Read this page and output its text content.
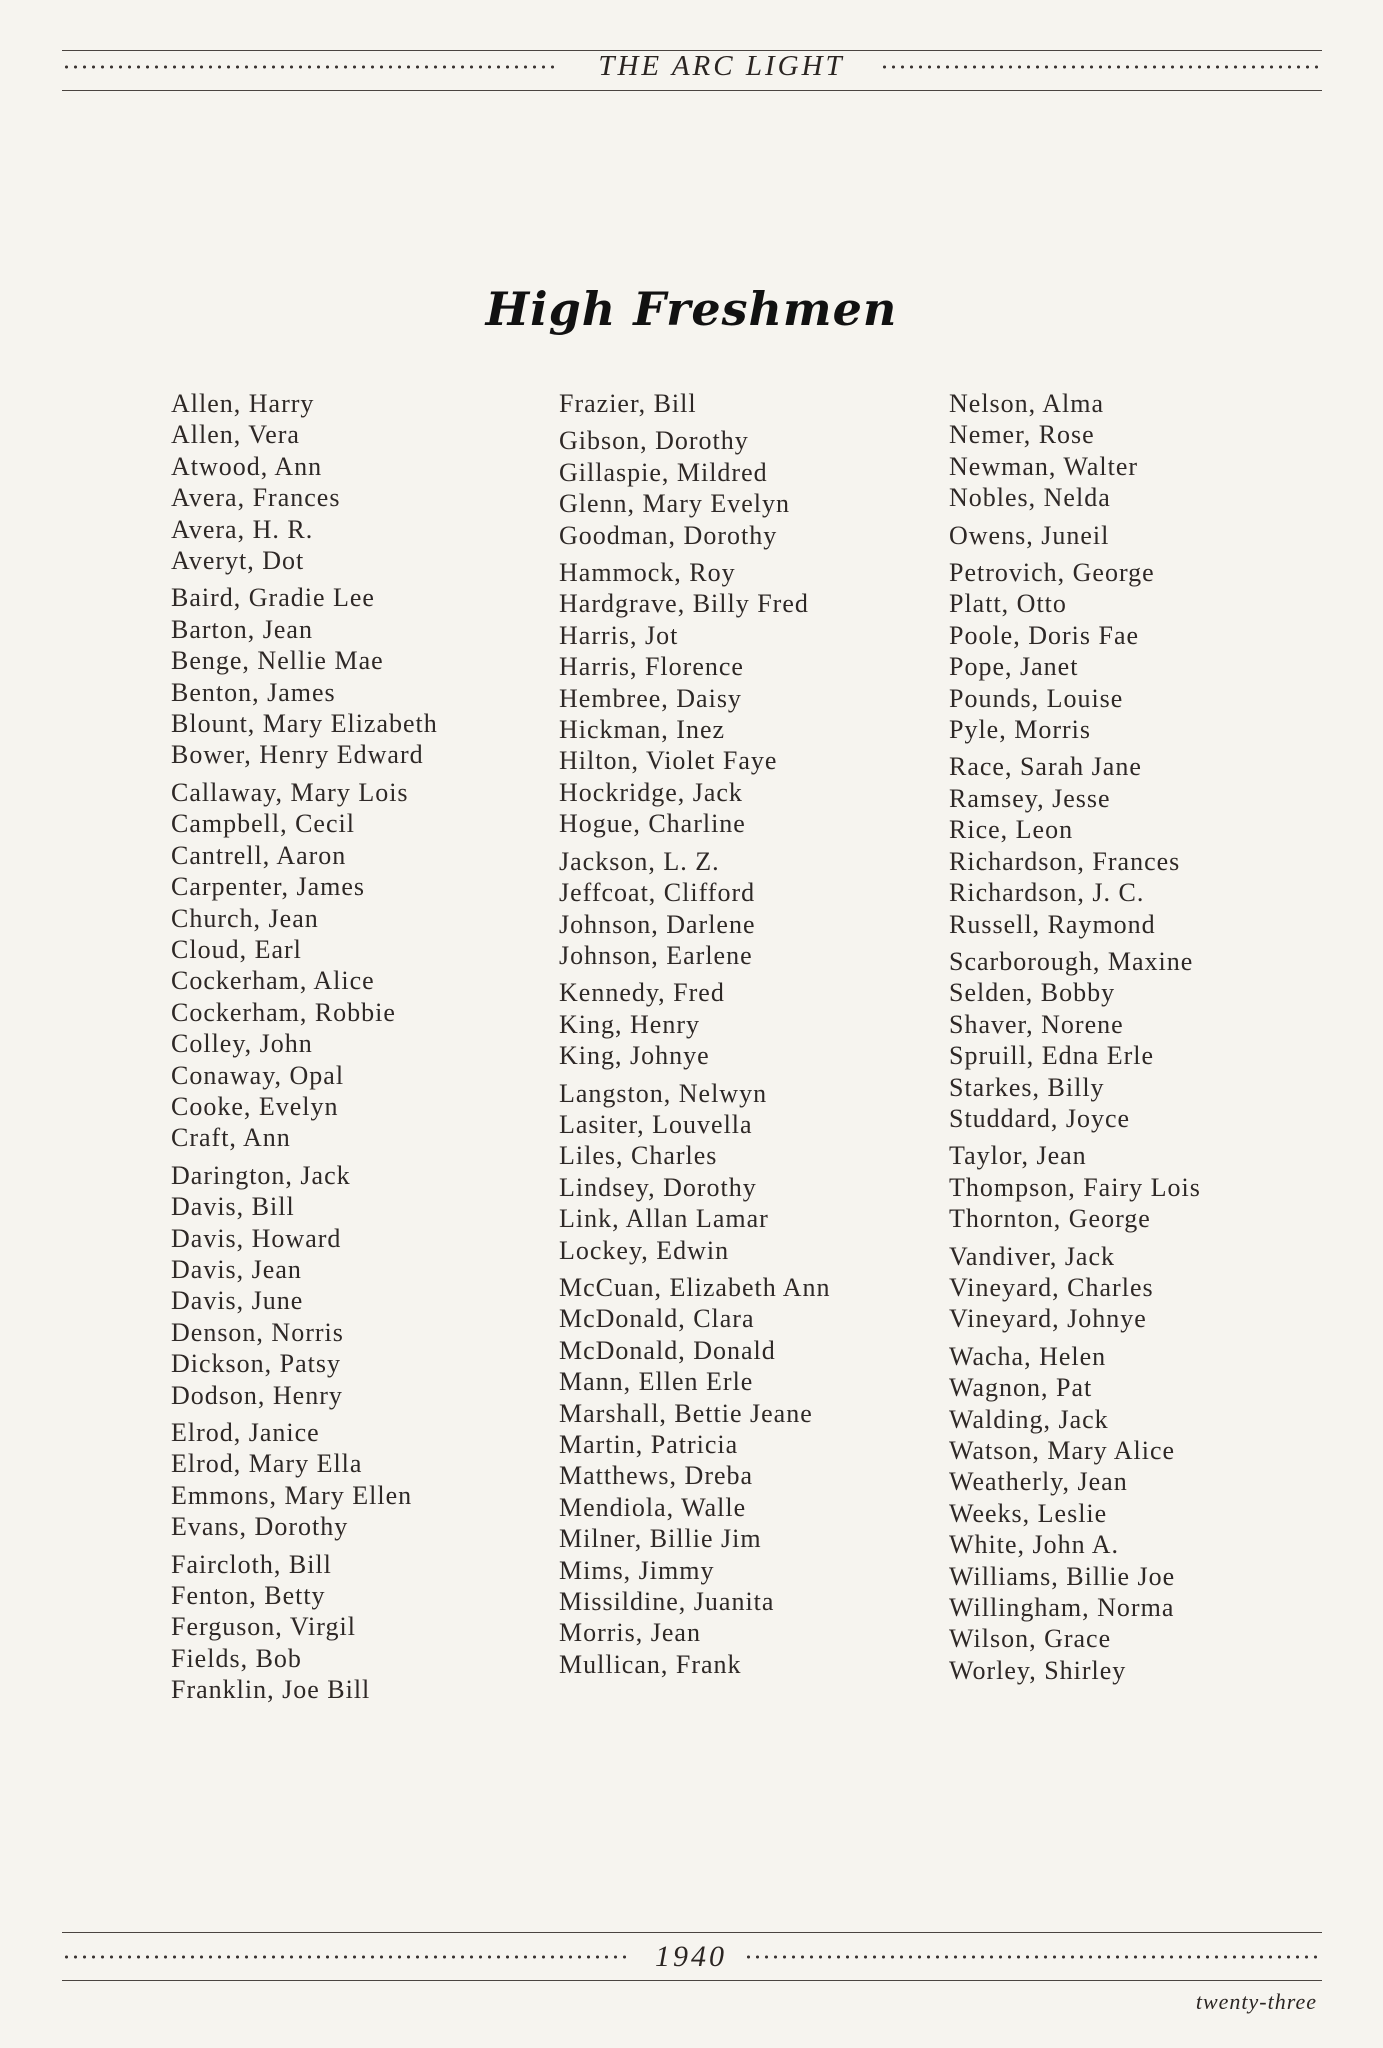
THE ARC LIGHT
High Freshmen
Allen, Harry
Allen, Vera
Atwood, Ann
Avera, Frances
Avera, H. R.
Averyt, Dot
Baird, Gradie Lee
Barton, Jean
Benge, Nellie Mae
Benton, James
Blount, Mary Elizabeth
Bower, Henry Edward
Callaway, Mary Lois
Campbell, Cecil
Cantrell, Aaron
Carpenter, James
Church, Jean
Cloud, Earl
Cockerham, Alice
Cockerham, Robbie
Colley, John
Conaway, Opal
Cooke, Evelyn
Craft, Ann
Darington, Jack
Davis, Bill
Davis, Howard
Davis, Jean
Davis, June
Denson, Norris
Dickson, Patsy
Dodson, Henry
Elrod, Janice
Elrod, Mary Ella
Emmons, Mary Ellen
Evans, Dorothy
Faircloth, Bill
Fenton, Betty
Ferguson, Virgil
Fields, Bob
Franklin, Joe Bill
Frazier, Bill
Gibson, Dorothy
Gillaspie, Mildred
Glenn, Mary Evelyn
Goodman, Dorothy
Hammock, Roy
Hardgrave, Billy Fred
Harris, Jot
Harris, Florence
Hembree, Daisy
Hickman, Inez
Hilton, Violet Faye
Hockridge, Jack
Hogue, Charline
Jackson, L. Z.
Jeffcoat, Clifford
Johnson, Darlene
Johnson, Earlene
Kennedy, Fred
King, Henry
King, Johnye
Langston, Nelwyn
Lasiter, Louvella
Liles, Charles
Lindsey, Dorothy
Link, Allan Lamar
Lockey, Edwin
McCuan, Elizabeth Ann
McDonald, Clara
McDonald, Donald
Mann, Ellen Erle
Marshall, Bettie Jeane
Martin, Patricia
Matthews, Dreba
Mendiola, Walle
Milner, Billie Jim
Mims, Jimmy
Missildine, Juanita
Morris, Jean
Mullican, Frank
Nelson, Alma
Nemer, Rose
Newman, Walter
Nobles, Nelda
Owens, Juneil
Petrovich, George
Platt, Otto
Poole, Doris Fae
Pope, Janet
Pounds, Louise
Pyle, Morris
Race, Sarah Jane
Ramsey, Jesse
Rice, Leon
Richardson, Frances
Richardson, J. C.
Russell, Raymond
Scarborough, Maxine
Selden, Bobby
Shaver, Norene
Spruill, Edna Erle
Starkes, Billy
Studdard, Joyce
Taylor, Jean
Thompson, Fairy Lois
Thornton, George
Vandiver, Jack
Vineyard, Charles
Vineyard, Johnye
Wacha, Helen
Wagnon, Pat
Walding, Jack
Watson, Mary Alice
Weatherly, Jean
Weeks, Leslie
White, John A.
Williams, Billie Joe
Willingham, Norma
Wilson, Grace
Worley, Shirley
1940
twenty-three
